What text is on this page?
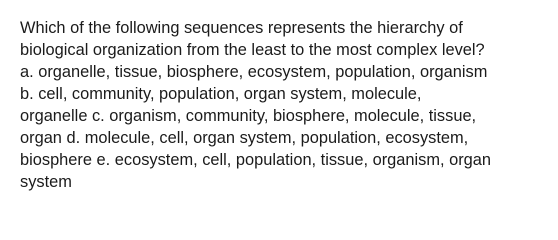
Which of the following sequences represents the hierarchy of
biological organization from the least to the most complex level?
a. organelle, tissue, biosphere, ecosystem, population, organism
b. cell, community, population, organ system, molecule,
organelle c. organism, community, biosphere, molecule, tissue,
organ d. molecule, cell, organ system, population, ecosystem,
biosphere e. ecosystem, cell, population, tissue, organism, organ
system
